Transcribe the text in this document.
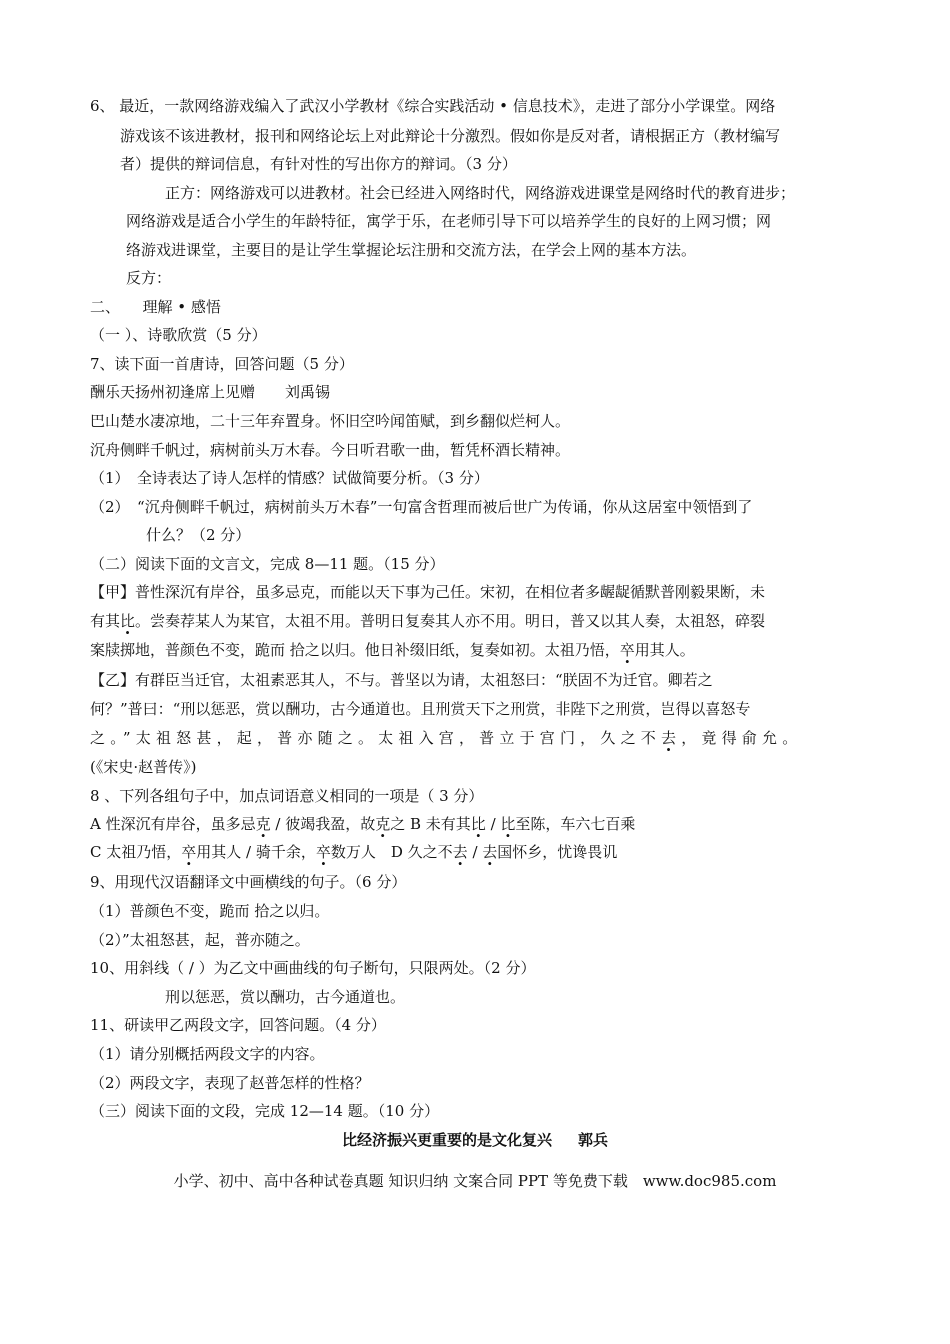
6、 最近，一款网络游戏编入了武汉小学教材《综合实践活动 • 信息技术》，走进了部分小学课堂。网络
游戏该不该进教材，报刊和网络论坛上对此辩论十分激烈。假如你是反对者，请根据正方（教材编写
者）提供的辩词信息，有针对性的写出你方的辩词。（3 分）
正方：网络游戏可以进教材。社会已经进入网络时代，网络游戏进课堂是网络时代的教育进步；
网络游戏是适合小学生的年龄特征，寓学于乐，在老师引导下可以培养学生的良好的上网习惯；网
络游戏进课堂，主要目的是让学生掌握论坛注册和交流方法，在学会上网的基本方法。
反方：
二、　　理解 • 感悟
（一 ）、诗歌欣赏（5 分）
7、读下面一首唐诗，回答问题（5 分）
酬乐天扬州初逢席上见赠　　刘禹锡
巴山楚水凄凉地，二十三年弃置身。怀旧空吟闻笛赋，到乡翻似烂柯人。
沉舟侧畔千帆过，病树前头万木春。今日听君歌一曲，暂凭杯酒长精神。
（1）　全诗表达了诗人怎样的情感？试做简要分析。（3 分）
（2）　“沉舟侧畔千帆过，病树前头万木春”一句富含哲理而被后世广为传诵，你从这居室中领悟到了
什么？（2 分）
（二）阅读下面的文言文，完成 8—11 题。（15 分）
【甲】普性深沉有岸谷，虽多忌克，而能以天下事为己任。宋初，在相位者多龌龊循默普刚毅果断，未
有其比。尝奏荐某人为某官，太祖不用。普明日复奏其人亦不用。明日，普又以其人奏，太祖怒，碎裂
案牍掷地，普颜色不变，跪而 拾之以归。他日补缀旧纸，复奏如初。太祖乃悟，卒用其人。
【乙】有群臣当迁官，太祖素恶其人，不与。普坚以为请，太祖怒曰：“朕固不为迁官。卿若之
何？”普曰：“刑以惩恶，赏以酬功，古今通道也。且刑赏天下之刑赏，非陛下之刑赏，岂得以喜怒专
之。”太祖怒甚，起，普亦随之。太祖入宫，普立于宫门，久之不去，竟得俞允。
(《宋史·赵普传》)
8 、下列各组句子中，加点词语意义相同的一项是（ 3 分）
A 性深沉有岸谷，虽多忌克 / 彼竭我盈，故克之 B 未有其比 / 比至陈，车六七百乘
C 太祖乃悟，卒用其人 / 骑千余，卒数万人　D 久之不去 / 去国怀乡，忧谗畏讥
9、用现代汉语翻译文中画横线的句子。（6 分）
（1）普颜色不变，跪而 拾之以归。
（2）”太祖怒甚，起，普亦随之。
10、用斜线（ / ）为乙文中画曲线的句子断句，只限两处。（2 分）
刑以惩恶，赏以酬功，古今通道也。
11、研读甲乙两段文字，回答问题。（4 分）
（1）请分别概括两段文字的内容。
（2）两段文字，表现了赵普怎样的性格？
（三）阅读下面的文段，完成 12—14 题。（10 分）
比经济振兴更重要的是文化复兴 郭兵
小学、初中、高中各种试卷真题 知识归纳 文案合同 PPT 等免费下载　www.doc985.com
